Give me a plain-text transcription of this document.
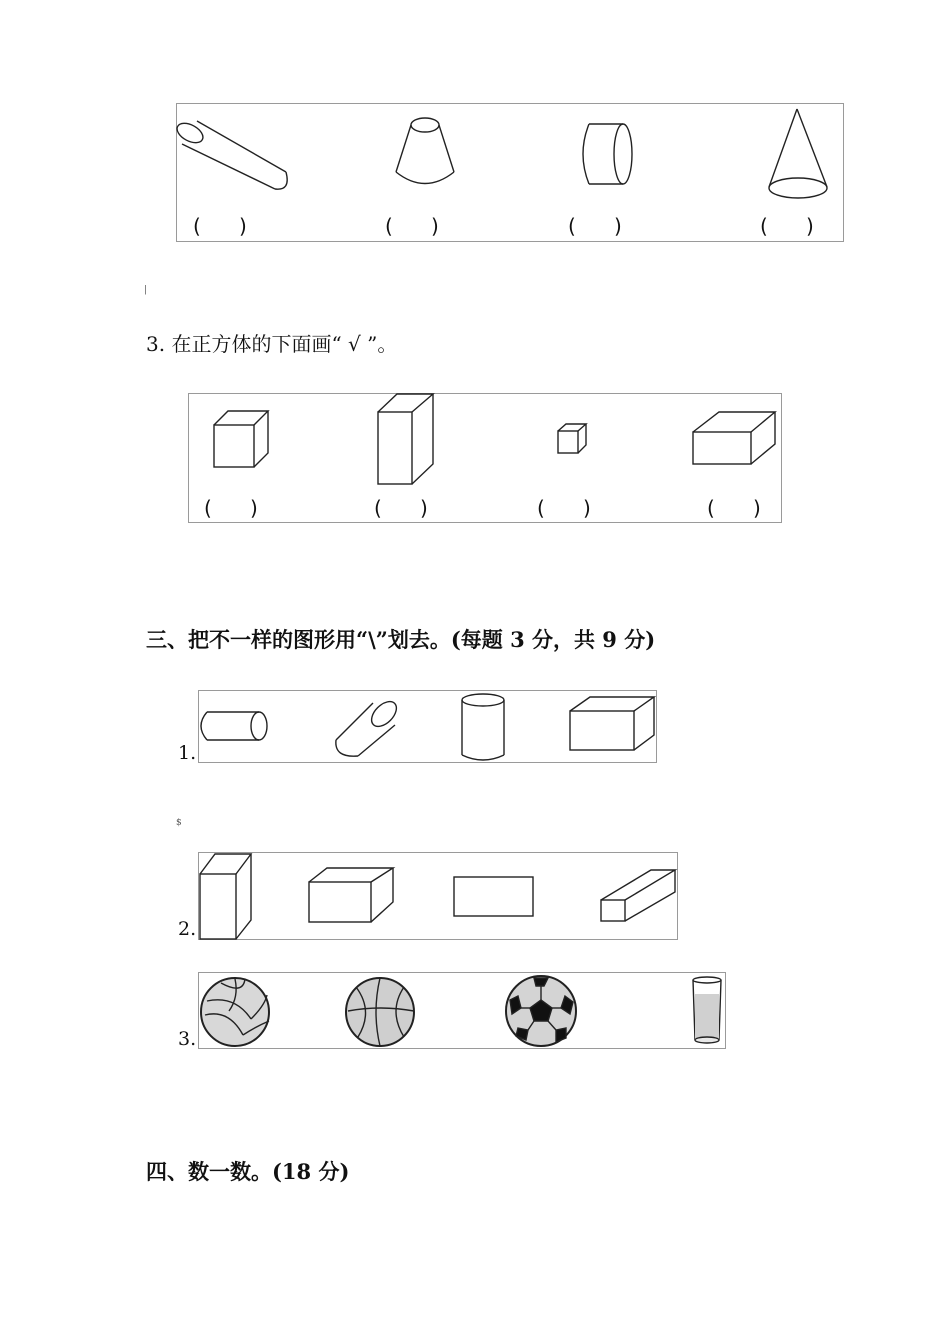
(      )	(      )	(      )	(      )
|
3. 在正方体的下面画“ √ ”。
(      )	(      )	(      )	(      )
三、把不一样的图形用“\”划去。(每题 3 分，共 9 分)
1.
$
2.
3.
四、数一数。(18 分)
